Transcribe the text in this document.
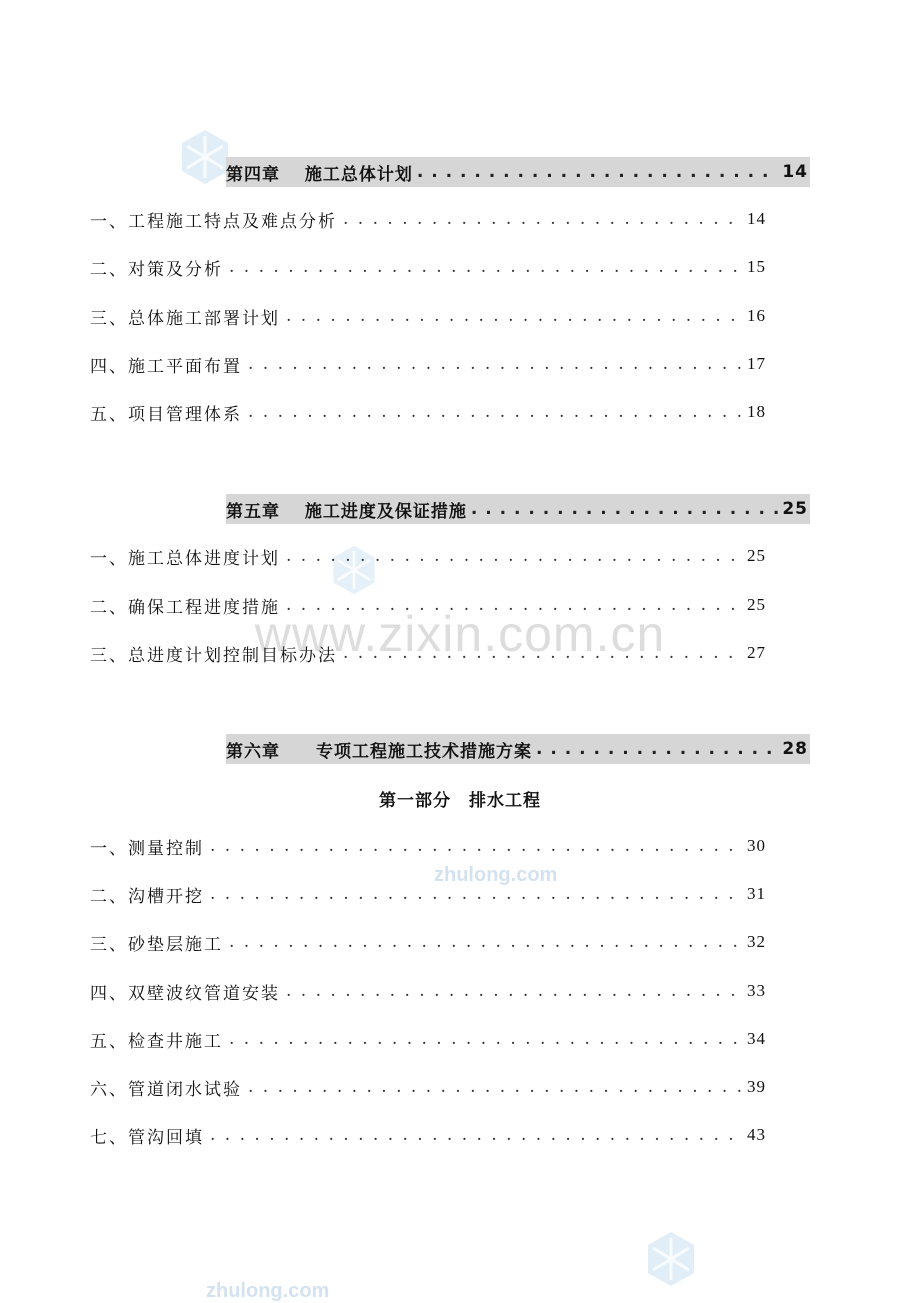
www.zixin.com.cn
zhulong.com
zhulong.com
第四章　 施工总体计划 . . .	14
一、工程施工特点及难点分析 . . .	14
二、对策及分析 . . .	15
三、总体施工部署计划 . . .	16
四、施工平面布置 . . .	17
五、项目管理体系 . . .	18
第五章　 施工进度及保证措施 . . .	25
一、施工总体进度计划 . . .	25
二、确保工程进度措施 . . .	25
三、总进度计划控制目标办法 . . .	27
第六章　　专项工程施工技术措施方案 . . .	28
第一部分　排水工程
一、测量控制 . . .	30
二、沟槽开挖 . . .	31
三、砂垫层施工 . . .	32
四、双壁波纹管道安装 . . .	33
五、检查井施工 . . .	34
六、管道闭水试验 . . .	39
七、管沟回填 . . .	43
